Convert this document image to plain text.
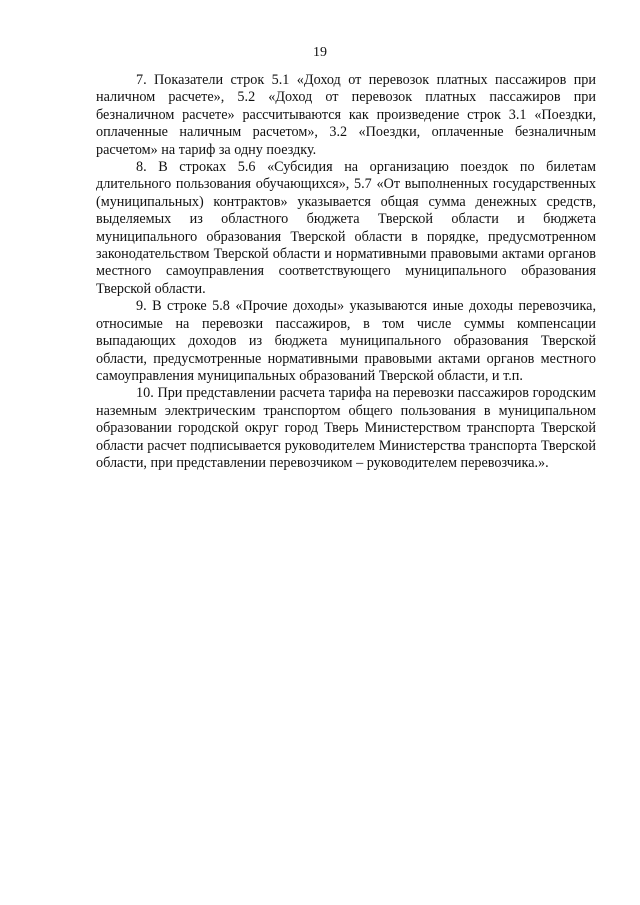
19

7. Показатели строк 5.1 «Доход от перевозок платных пассажиров при наличном расчете», 5.2 «Доход от перевозок платных пассажиров при безналичном расчете» рассчитываются как произведение строк 3.1 «Поездки, оплаченные наличным расчетом», 3.2 «Поездки, оплаченные безналичным расчетом» на тариф за одну поездку.

8. В строках 5.6 «Субсидия на организацию поездок по билетам длительного пользования обучающихся», 5.7 «От выполненных государственных (муниципальных) контрактов» указывается общая сумма денежных средств, выделяемых из областного бюджета Тверской области и бюджета муниципального образования Тверской области в порядке, предусмотренном законодательством Тверской области и нормативными правовыми актами органов местного самоуправления соответствующего муниципального образования Тверской области.

9. В строке 5.8 «Прочие доходы» указываются иные доходы перевозчика, относимые на перевозки пассажиров, в том числе суммы компенсации выпадающих доходов из бюджета муниципального образования Тверской области, предусмотренные нормативными правовыми актами органов местного самоуправления муниципальных образований Тверской области, и т.п.

10. При представлении расчета тарифа на перевозки пассажиров городским наземным электрическим транспортом общего пользования в муниципальном образовании городской округ город Тверь Министерством транспорта Тверской области расчет подписывается руководителем Министерства транспорта Тверской области, при представлении перевозчиком – руководителем перевозчика.».
